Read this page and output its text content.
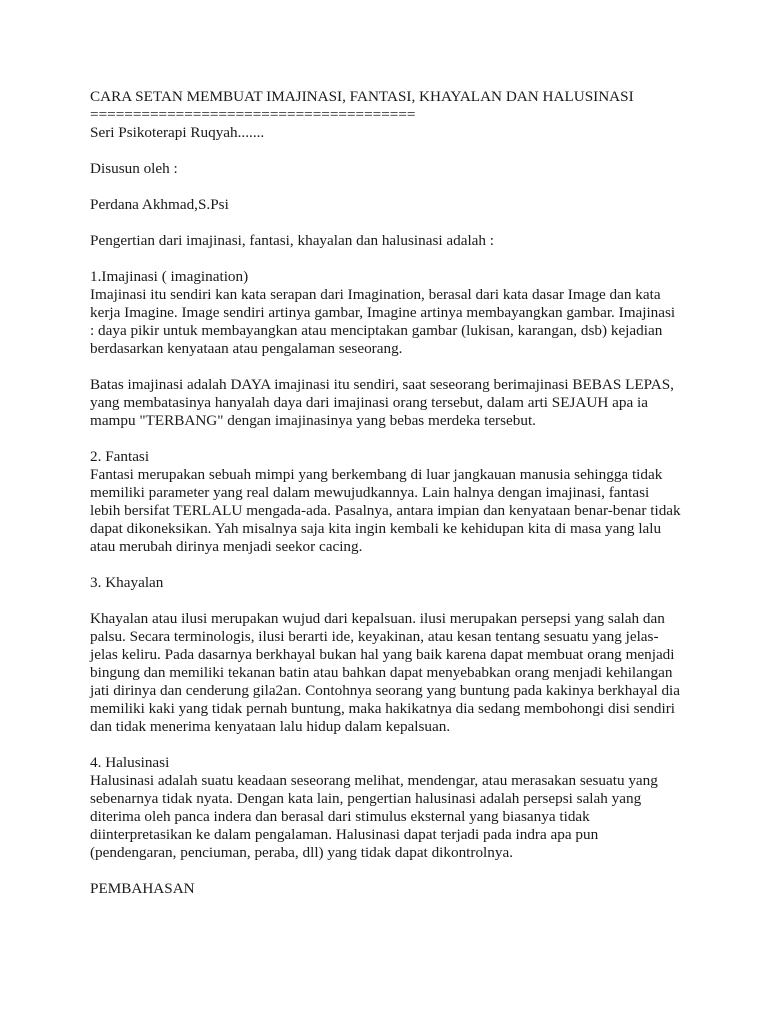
CARA SETAN MEMBUAT IMAJINASI, FANTASI, KHAYALAN DAN HALUSINASI

======================================

Seri Psikoterapi Ruqyah.......

Disusun oleh :

Perdana Akhmad,S.Psi

Pengertian dari imajinasi, fantasi, khayalan dan halusinasi adalah :

1.Imajinasi ( imagination)

Imajinasi itu sendiri kan kata serapan dari Imagination, berasal dari kata dasar Image dan kata

kerja Imagine. Image sendiri artinya gambar, Imagine artinya membayangkan gambar. Imajinasi

: daya pikir untuk membayangkan atau menciptakan gambar (lukisan, karangan, dsb) kejadian

berdasarkan kenyataan atau pengalaman seseorang.

Batas imajinasi adalah DAYA imajinasi itu sendiri, saat seseorang berimajinasi BEBAS LEPAS,

yang membatasinya hanyalah daya dari imajinasi orang tersebut, dalam arti SEJAUH apa ia

mampu "TERBANG" dengan imajinasinya yang bebas merdeka tersebut.

2. Fantasi

Fantasi merupakan sebuah mimpi yang berkembang di luar jangkauan manusia sehingga tidak

memiliki parameter yang real dalam mewujudkannya. Lain halnya dengan imajinasi, fantasi

lebih bersifat TERLALU mengada-ada. Pasalnya, antara impian dan kenyataan benar-benar tidak

dapat dikoneksikan. Yah misalnya saja kita ingin kembali ke kehidupan kita di masa yang lalu

atau merubah dirinya menjadi seekor cacing.

3. Khayalan

Khayalan atau ilusi merupakan wujud dari kepalsuan. ilusi merupakan persepsi yang salah dan

palsu. Secara terminologis, ilusi berarti ide, keyakinan, atau kesan tentang sesuatu yang jelas-

jelas keliru. Pada dasarnya berkhayal bukan hal yang baik karena dapat membuat orang menjadi

bingung dan memiliki tekanan batin atau bahkan dapat menyebabkan orang menjadi kehilangan

jati dirinya dan cenderung gila2an. Contohnya seorang yang buntung pada kakinya berkhayal dia

memiliki kaki yang tidak pernah buntung, maka hakikatnya dia sedang membohongi disi sendiri

dan tidak menerima kenyataan lalu hidup dalam kepalsuan.

4. Halusinasi

Halusinasi adalah suatu keadaan seseorang melihat, mendengar, atau merasakan sesuatu yang

sebenarnya tidak nyata. Dengan kata lain, pengertian halusinasi adalah persepsi salah yang

diterima oleh panca indera dan berasal dari stimulus eksternal yang biasanya tidak

diinterpretasikan ke dalam pengalaman. Halusinasi dapat terjadi pada indra apa pun

(pendengaran, penciuman, peraba, dll) yang tidak dapat dikontrolnya.

PEMBAHASAN
